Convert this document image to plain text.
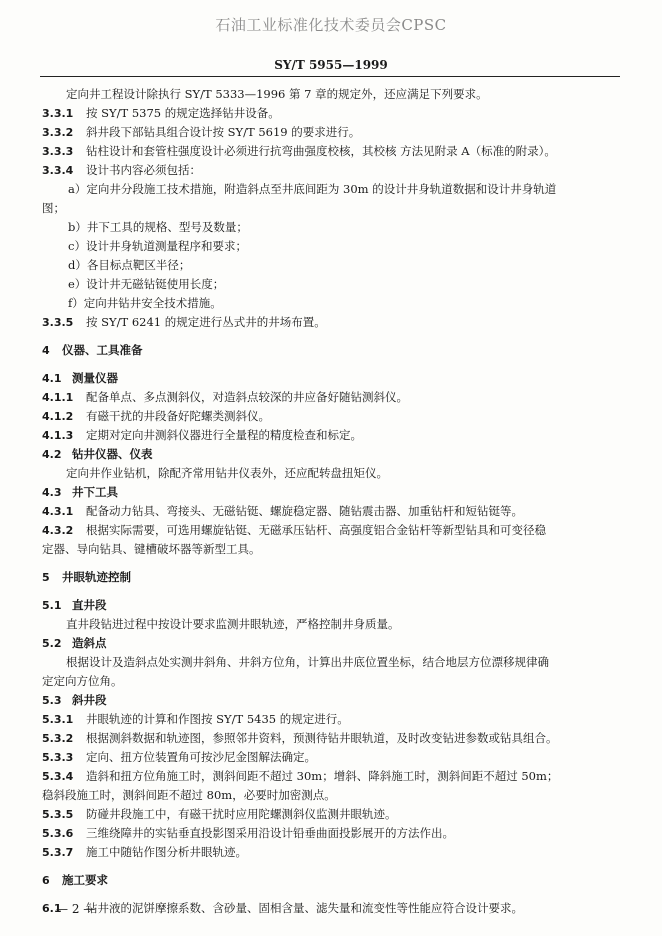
石油工业标准化技术委员会CPSC
SY/T 5955—1999
定向井工程设计除执行 SY/T 5333—1996 第 7 章的规定外，还应满足下列要求。
3.3.1 按 SY/T 5375 的规定选择钻井设备。
3.3.2 斜井段下部钻具组合设计按 SY/T 5619 的要求进行。
3.3.3 钻柱设计和套管柱强度设计必须进行抗弯曲强度校核，其校核 方法见附录 A（标准的附录）。
3.3.4 设计书内容必须包括：
a）定向井分段施工技术措施，附造斜点至井底间距为 30m 的设计井身轨道数据和设计井身轨道
图；
b）井下工具的规格、型号及数量；
c）设计井身轨道测量程序和要求；
d）各目标点靶区半径；
e）设计井无磁钻铤使用长度；
f）定向井钻井安全技术措施。
3.3.5 按 SY/T 6241 的规定进行丛式井的井场布置。
4 仪器、工具准备
4.1 测量仪器
4.1.1 配备单点、多点测斜仪，对造斜点较深的井应备好随钻测斜仪。
4.1.2 有磁干扰的井段备好陀螺类测斜仪。
4.1.3 定期对定向井测斜仪器进行全量程的精度检查和标定。
4.2 钻井仪器、仪表
定向井作业钻机，除配齐常用钻井仪表外，还应配转盘扭矩仪。
4.3 井下工具
4.3.1 配备动力钻具、弯接头、无磁钻铤、螺旋稳定器、随钻震击器、加重钻杆和短钻铤等。
4.3.2 根据实际需要，可选用螺旋钻铤、无磁承压钻杆、高强度铝合金钻杆等新型钻具和可变径稳
定器、导向钻具、键槽破坏器等新型工具。
5 井眼轨迹控制
5.1 直井段
直井段钻进过程中按设计要求监测井眼轨迹，严格控制井身质量。
5.2 造斜点
根据设计及造斜点处实测井斜角、井斜方位角，计算出井底位置坐标，结合地层方位漂移规律确
定定向方位角。
5.3 斜井段
5.3.1 井眼轨迹的计算和作图按 SY/T 5435 的规定进行。
5.3.2 根据测斜数据和轨迹图，参照邻井资料，预测待钻井眼轨道，及时改变钻进参数或钻具组合。
5.3.3 定向、扭方位装置角可按沙尼金图解法确定。
5.3.4 造斜和扭方位角施工时，测斜间距不超过 30m；增斜、降斜施工时，测斜间距不超过 50m；
稳斜段施工时，测斜间距不超过 80m，必要时加密测点。
5.3.5 防碰井段施工中，有磁干扰时应用陀螺测斜仪监测井眼轨迹。
5.3.6 三维绕障井的实钻垂直投影图采用沿设计铅垂曲面投影展开的方法作出。
5.3.7 施工中随钻作图分析井眼轨迹。
6 施工要求
6.1 钻井液的泥饼摩擦系数、含砂量、固相含量、滤失量和流变性等性能应符合设计要求。
— 2 —
